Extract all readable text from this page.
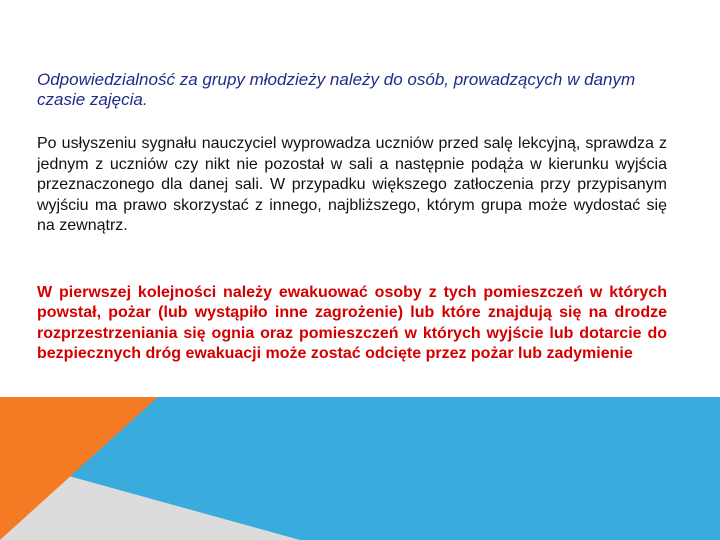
Odpowiedzialność za grupy młodzieży należy do osób, prowadzących w danym czasie zajęcia.

Po usłyszeniu sygnału nauczyciel wyprowadza uczniów przed salę lekcyjną, sprawdza z jednym z uczniów czy nikt nie pozostał w sali a następnie podąża w kierunku wyjścia przeznaczonego dla danej sali. W przypadku większego zatłoczenia przy przypisanym wyjściu ma prawo skorzystać z innego, najbliższego, którym grupa może wydostać się na zewnątrz.

W pierwszej kolejności należy ewakuować osoby z tych pomieszczeń w których powstał, pożar (lub wystąpiło inne zagrożenie) lub które znajdują się na drodze rozprzestrzeniania się ognia oraz pomieszczeń w których wyjście lub dotarcie do bezpiecznych dróg ewakuacji może zostać odcięte przez pożar lub zadymienie
